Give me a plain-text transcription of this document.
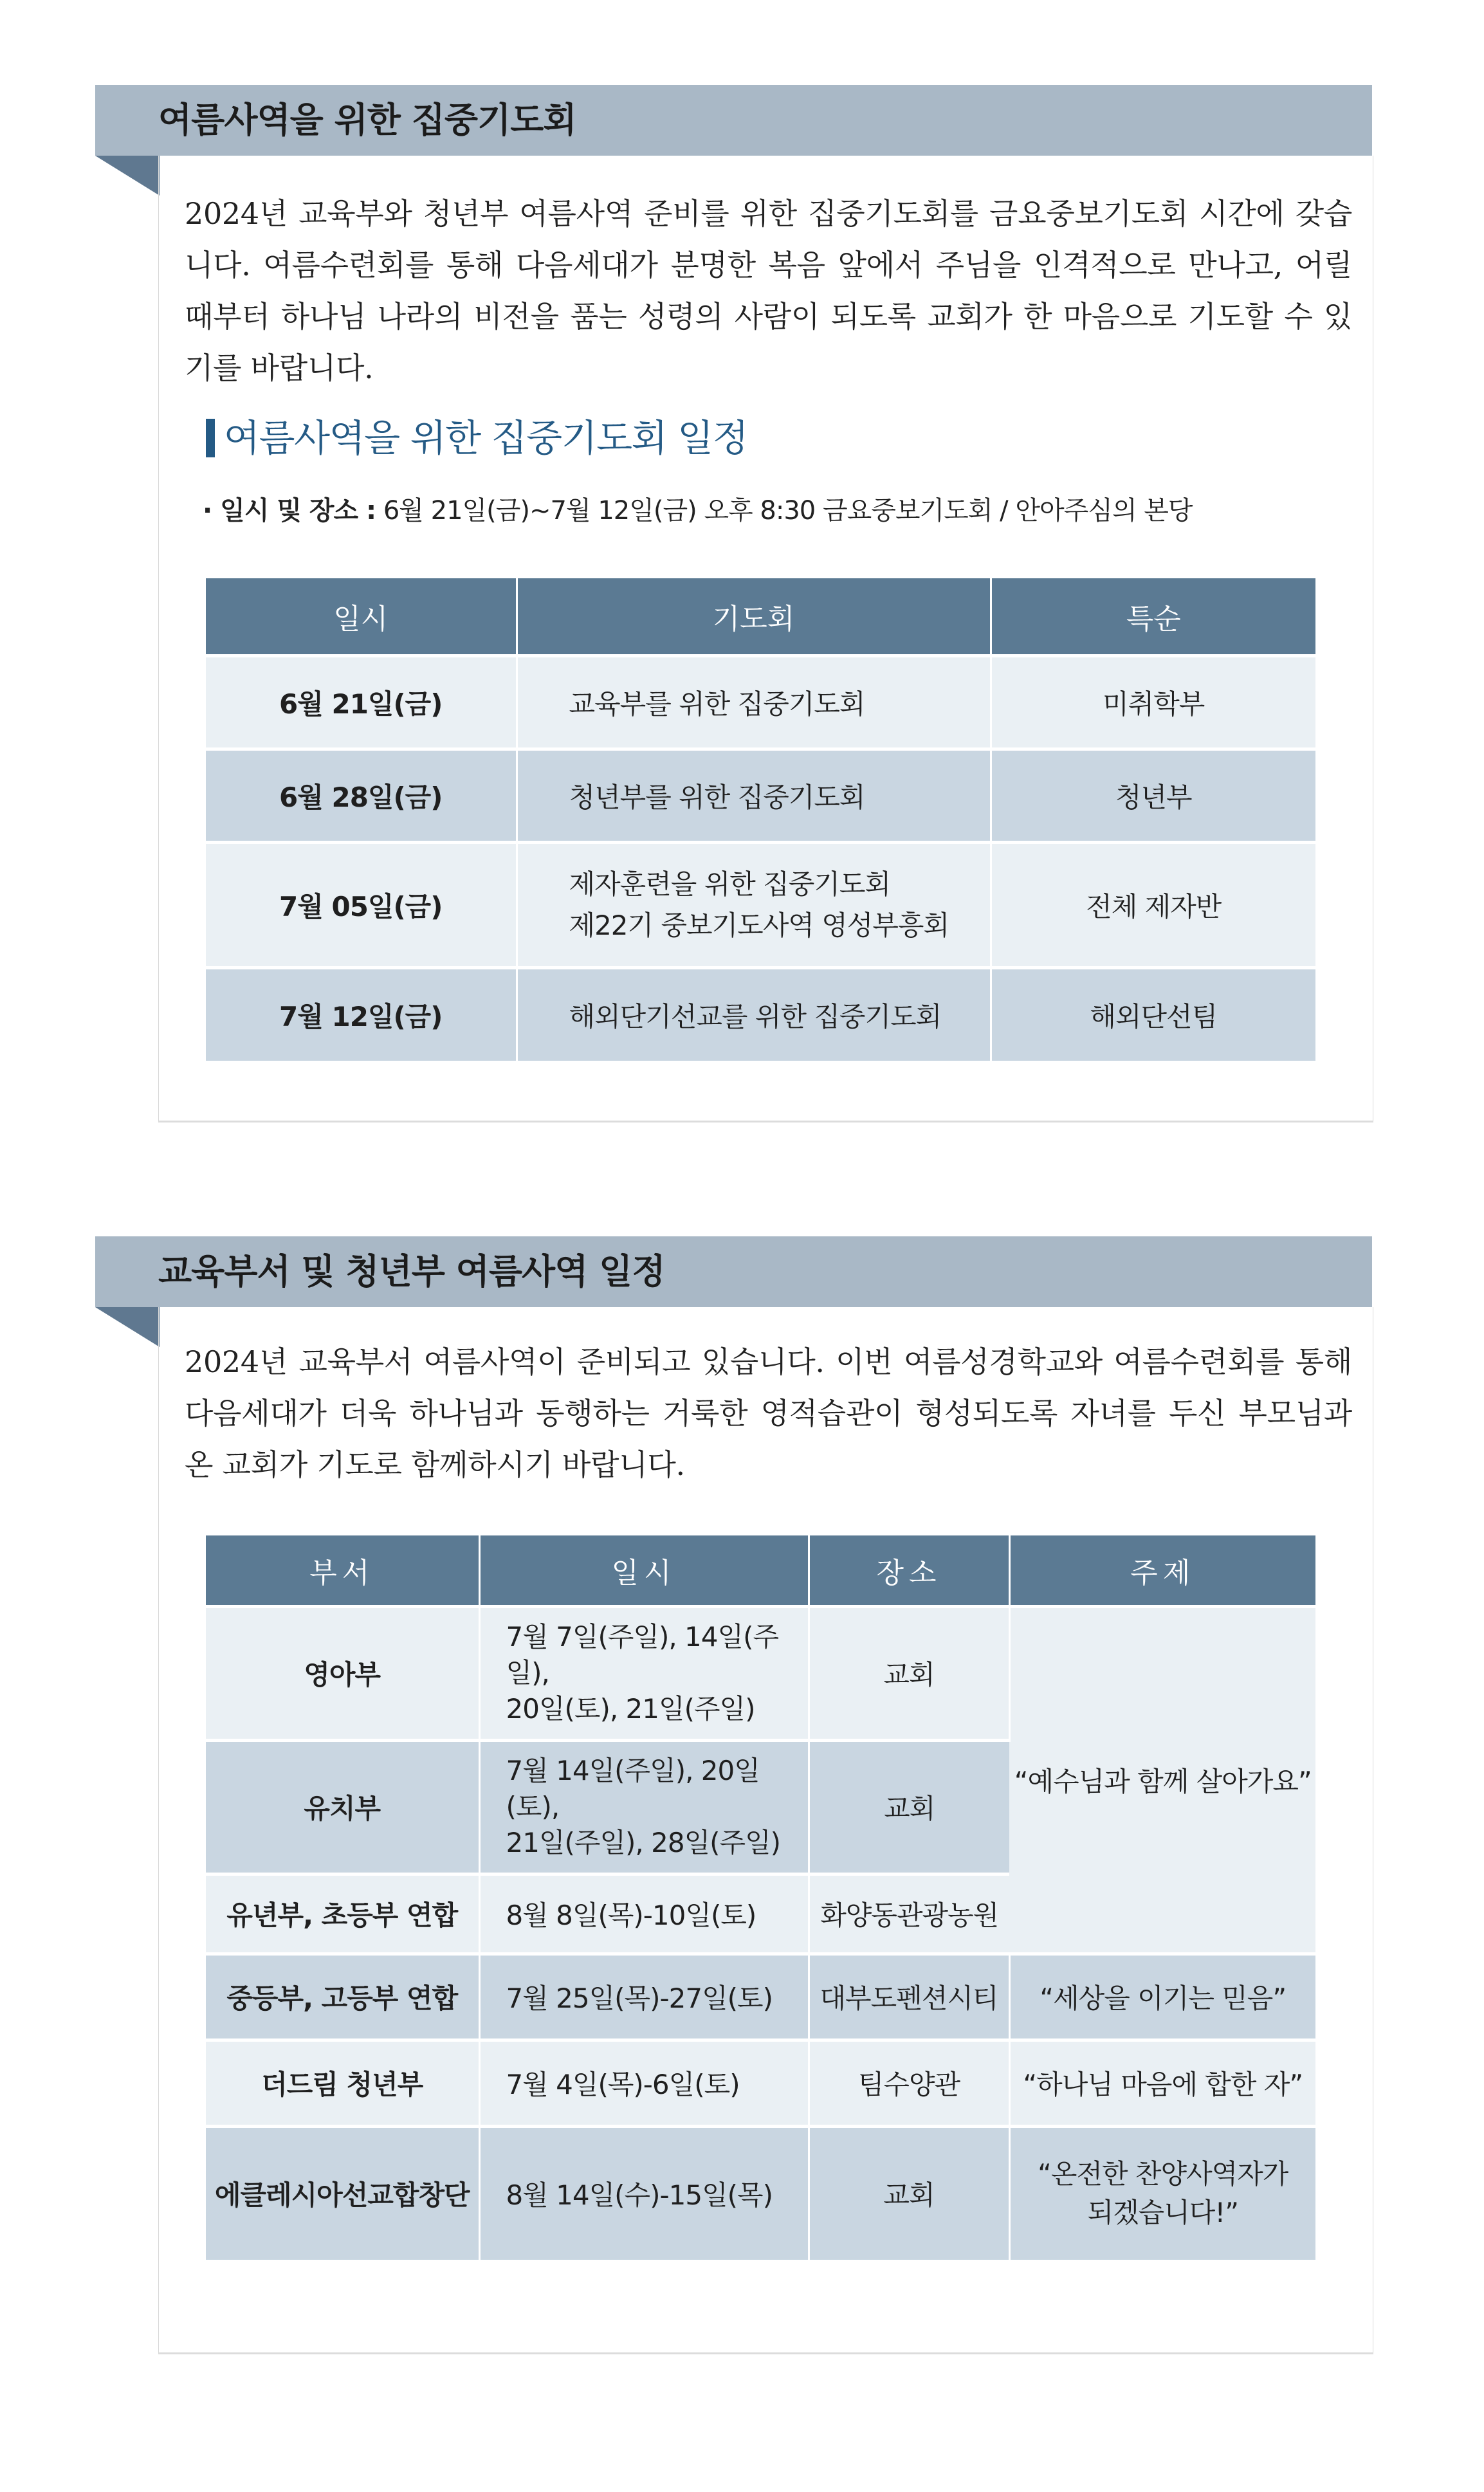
여름사역을 위한 집중기도회
2024년 교육부와 청년부 여름사역 준비를 위한 집중기도회를 금요중보기도회 시간에 갖습니다. 여름수련회를 통해 다음세대가 분명한 복음 앞에서 주님을 인격적으로 만나고, 어릴 때부터 하나님 나라의 비전을 품는 성령의 사람이 되도록 교회가 한 마음으로 기도할 수 있기를 바랍니다.
여름사역을 위한 집중기도회 일정
· 일시 및 장소 : 6월 21일(금)~7월 12일(금) 오후 8:30 금요중보기도회 / 안아주심의 본당
일시	기도회	특순
6월 21일(금)	교육부를 위한 집중기도회	미취학부
6월 28일(금)	청년부를 위한 집중기도회	청년부
7월 05일(금)	제자훈련을 위한 집중기도회
제22기 중보기도사역 영성부흥회	전체 제자반
7월 12일(금)	해외단기선교를 위한 집중기도회	해외단선팀
교육부서 및 청년부 여름사역 일정
2024년 교육부서 여름사역이 준비되고 있습니다. 이번 여름성경학교와 여름수련회를 통해 다음세대가 더욱 하나님과 동행하는 거룩한 영적습관이 형성되도록 자녀를 두신 부모님과 온 교회가 기도로 함께하시기 바랍니다.
부서	일시	장소	주제
영아부	7월 7일(주일), 14일(주일),
20일(토), 21일(주일)	교회	“예수님과 함께 살아가요”
유치부	7월 14일(주일), 20일(토),
21일(주일), 28일(주일)	교회	
유년부, 초등부 연합	8월 8일(목)-10일(토)	화양동관광농원	
중등부, 고등부 연합	7월 25일(목)-27일(토)	대부도펜션시티	“세상을 이기는 믿음”
더드림 청년부	7월 4일(목)-6일(토)	팀수양관	“하나님 마음에 합한 자”
에클레시아선교합창단	8월 14일(수)-15일(목)	교회	“온전한 찬양사역자가
되겠습니다!”
